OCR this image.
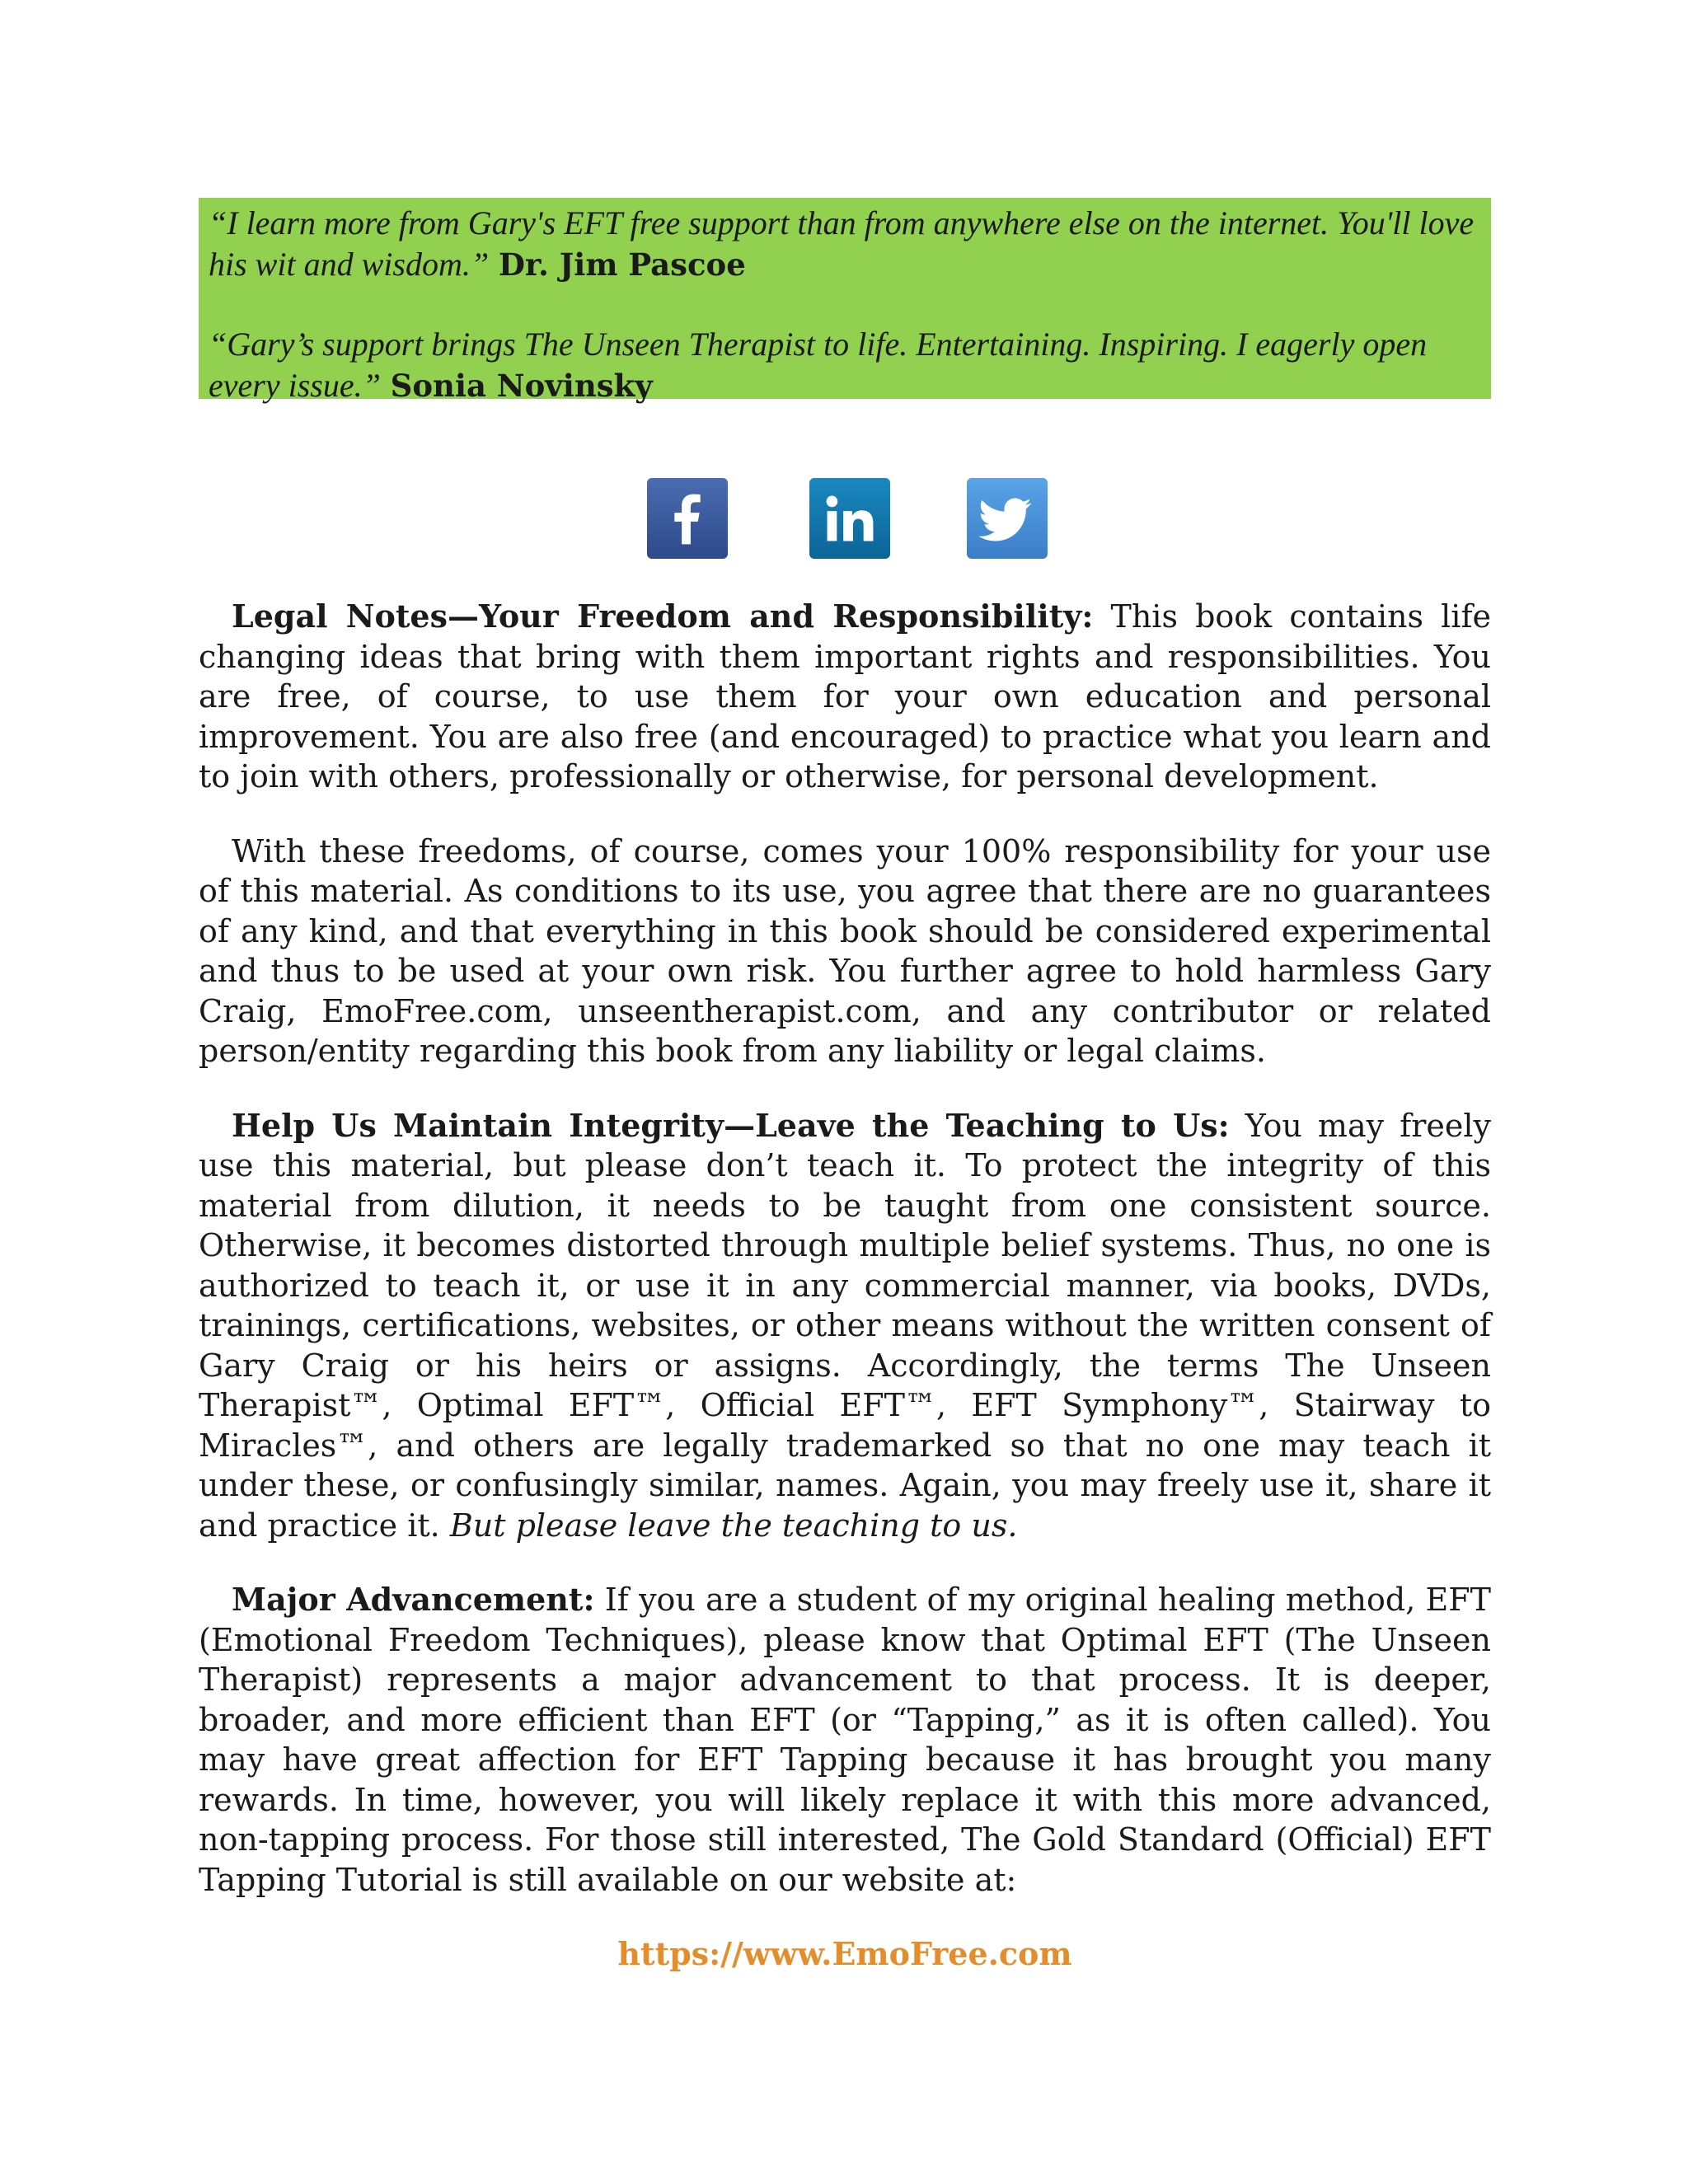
“I learn more from Gary's EFT free support than from anywhere else on the internet. You'll love his wit and wisdom.” Dr. Jim Pascoe

“Gary’s support brings The Unseen Therapist to life. Entertaining. Inspiring. I eagerly open every issue.” Sonia Novinsky

Legal Notes—Your Freedom and Responsibility: This book contains life changing ideas that bring with them important rights and responsibilities. You are free, of course, to use them for your own education and personal improvement. You are also free (and encouraged) to practice what you learn and to join with others, professionally or otherwise, for personal development.

With these freedoms, of course, comes your 100% responsibility for your use of this material. As conditions to its use, you agree that there are no guarantees of any kind, and that everything in this book should be considered experimental and thus to be used at your own risk. You further agree to hold harmless Gary Craig, EmoFree.com, unseentherapist.com, and any contributor or related person/entity regarding this book from any liability or legal claims.

Help Us Maintain Integrity—Leave the Teaching to Us: You may freely use this material, but please don’t teach it. To protect the integrity of this material from dilution, it needs to be taught from one consistent source. Otherwise, it becomes distorted through multiple belief systems. Thus, no one is authorized to teach it, or use it in any commercial manner, via books, DVDs, trainings, certifications, websites, or other means without the written consent of Gary Craig or his heirs or assigns. Accordingly, the terms The Unseen Therapist™, Optimal EFT™, Official EFT™, EFT Symphony™, Stairway to Miracles™, and others are legally trademarked so that no one may teach it under these, or confusingly similar, names. Again, you may freely use it, share it and practice it. But please leave the teaching to us.

Major Advancement: If you are a student of my original healing method, EFT (Emotional Freedom Techniques), please know that Optimal EFT (The Unseen Therapist) represents a major advancement to that process. It is deeper, broader, and more efficient than EFT (or “Tapping,” as it is often called). You may have great affection for EFT Tapping because it has brought you many rewards. In time, however, you will likely replace it with this more advanced, non-tapping process. For those still interested, The Gold Standard (Official) EFT Tapping Tutorial is still available on our website at:

https://www.EmoFree.com
